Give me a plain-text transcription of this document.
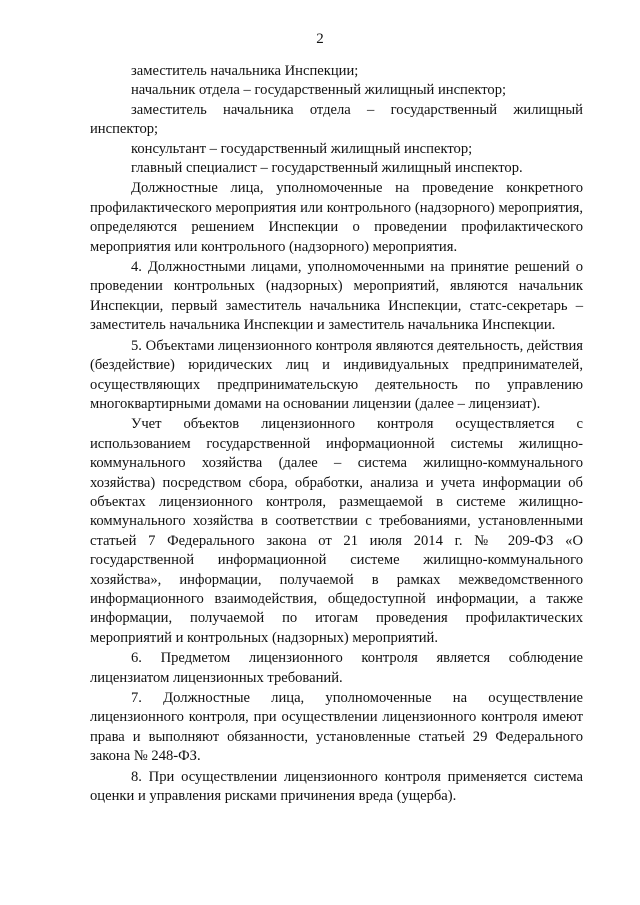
2

заместитель начальника Инспекции;

начальник отдела – государственный жилищный инспектор;

заместитель начальника отдела – государственный жилищный инспектор;

консультант – государственный жилищный инспектор;

главный специалист – государственный жилищный инспектор.

Должностные лица, уполномоченные на проведение конкретного профилактического мероприятия или контрольного (надзорного) мероприятия, определяются решением Инспекции о проведении профилактического мероприятия или контрольного (надзорного) мероприятия.

4. Должностными лицами, уполномоченными на принятие решений о проведении контрольных (надзорных) мероприятий, являются начальник Инспекции, первый заместитель начальника Инспекции, статс-секретарь – заместитель начальника Инспекции и заместитель начальника Инспекции.

5. Объектами лицензионного контроля являются деятельность, действия (бездействие) юридических лиц и индивидуальных предпринимателей, осуществляющих предпринимательскую деятельность по управлению многоквартирными домами на основании лицензии (далее – лицензиат).

Учет объектов лицензионного контроля осуществляется с использованием государственной информационной системы жилищно-коммунального хозяйства (далее – система жилищно-коммунального хозяйства) посредством сбора, обработки, анализа и учета информации об объектах лицензионного контроля, размещаемой в системе жилищно-коммунального хозяйства в соответствии с требованиями, установленными статьей 7 Федерального закона от 21 июля 2014 г. № 209-ФЗ «О государственной информационной системе жилищно-коммунального хозяйства», информации, получаемой в рамках межведомственного информационного взаимодействия, общедоступной информации, а также информации, получаемой по итогам проведения профилактических мероприятий и контрольных (надзорных) мероприятий.

6. Предметом лицензионного контроля является соблюдение лицензиатом лицензионных требований.

7. Должностные лица, уполномоченные на осуществление лицензионного контроля, при осуществлении лицензионного контроля имеют права и выполняют обязанности, установленные статьей 29 Федерального закона № 248-ФЗ.

8. При осуществлении лицензионного контроля применяется система оценки и управления рисками причинения вреда (ущерба).
